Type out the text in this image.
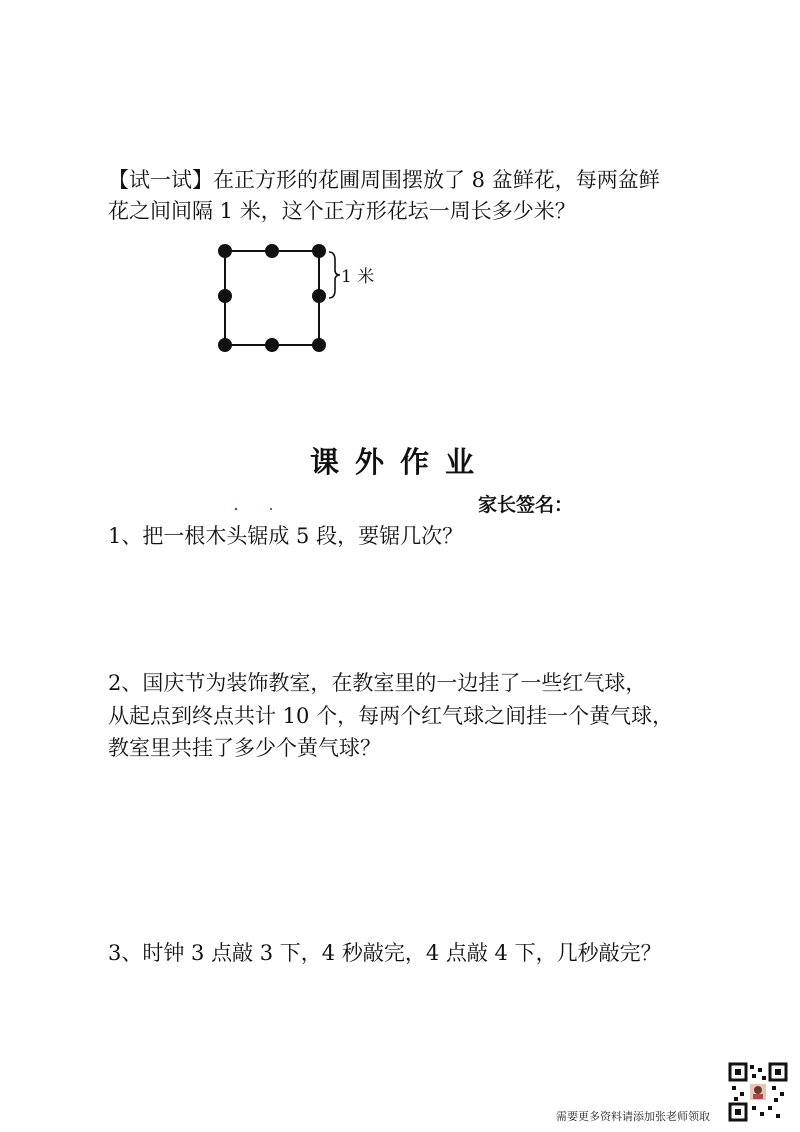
【试一试】在正方形的花圃周围摆放了 8 盆鲜花，每两盆鲜

花之间间隔 1 米，这个正方形花坛一周长多少米？

1 米
课外作业
家长签名：

1、把一根木头锯成 5 段，要锯几次？

2、国庆节为装饰教室，在教室里的一边挂了一些红气球，

从起点到终点共计 10 个，每两个红气球之间挂一个黄气球，

教室里共挂了多少个黄气球？

3、时钟 3 点敲 3 下，4 秒敲完，4 点敲 4 下，几秒敲完？

需要更多资料请添加张老师领取
